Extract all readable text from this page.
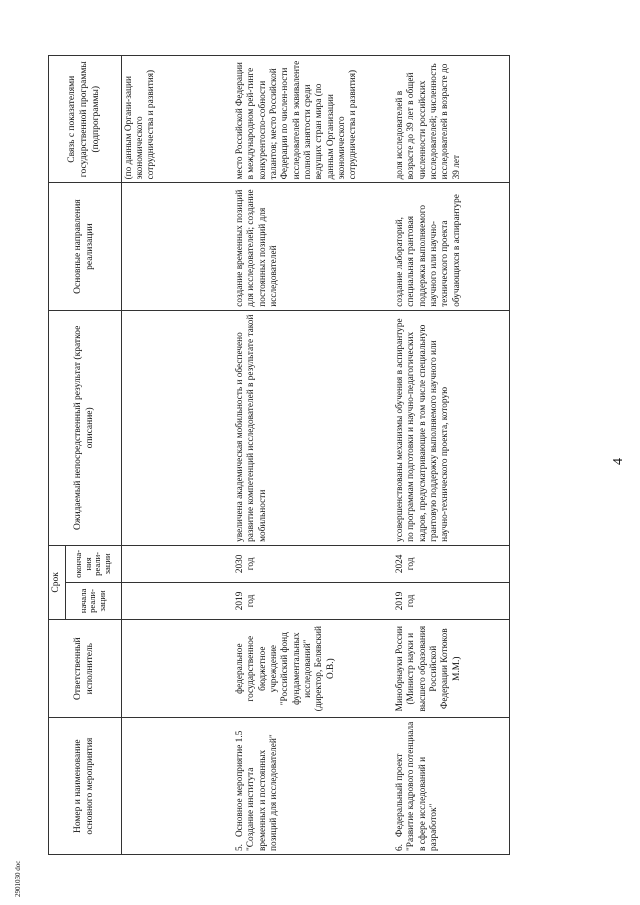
2901030 doc
4
Номер и наименование основного мероприятия	Ответственный исполнитель	Срок		Ожидаемый непосредственный результат (краткое описание)	Основные направления реализации	Связь с показателями государственной программы (подпрограммы)
		начала реали-зации	оконча-ния реали-зации			
						(по данным Органи-зации экономического сотрудничества и развития)
5.   Основное мероприятие 1.5 "Создание института временных и постоянных позиций для исследователей"	федеральное государственное бюджетное учреждение "Российский фонд фундаментальных исследований" (директор, Белявский О.В.)	2019 год	2030 год	увеличена академическая мобильность и обеспечено развитие компетенций исследователей в результате такой мобильности	создание временных позиций для исследователей; создание постоянных позиций для исследователей	место Российской Федерации в международном рей-тинге конкурентоспо-собности талантов; место Российской Федерации по числен-ности исследователей в эквиваленте полной занятости среди ведущих стран мира (по данным Организации экономического сотрудничества и развития)
6.   Федеральный проект "Развитие кадрового потенциала в сфере исследований и разработок"	Минобрнауки России (Министр науки и высшего образования Российской Федерации Котюков М.М.)	2019 год	2024 год	усовершенствованы механизмы обучения в аспирантуре по программам подготовки и научно-педагогических кадров, предусматривающие в том числе специальную грантовую поддержку выполняемого научного или научно-технического проекта, которую	создание лабораторий, специальная грантовая поддержка выполняемого научного или научно-технического проекта обучающихся в аспирантуре	доля исследователей в возрасте до 39 лет в общей численности российских исследователей; численность исследователей в возрасте до 39 лет
